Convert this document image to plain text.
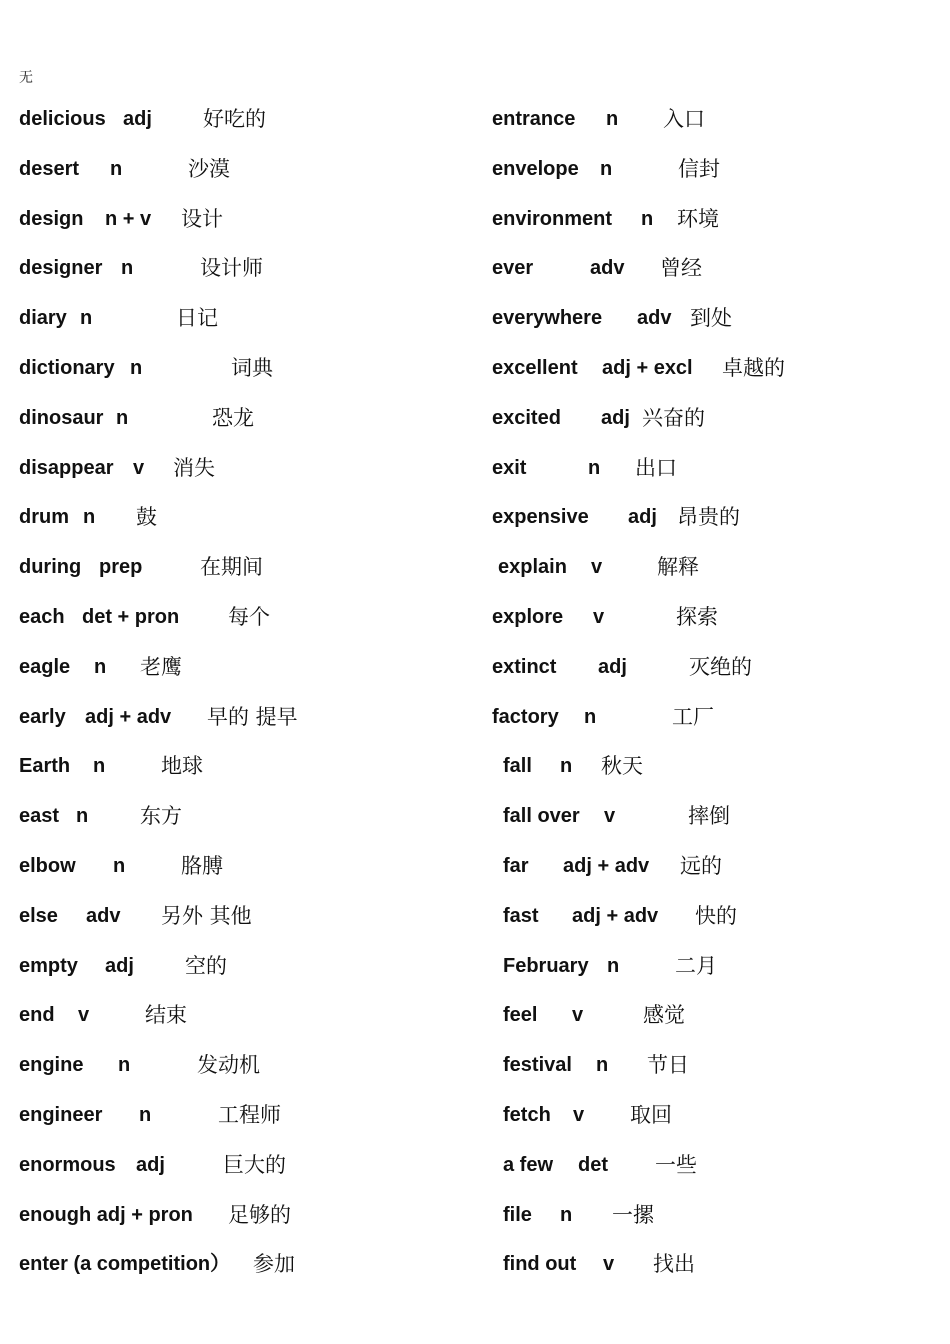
无
delicious adj 好吃的
desert n	沙漠
design n + v 设计
designer n	设计师
diary n	日记
dictionary n	词典
dinosaur n	恐龙
disappear v 消失
drum n 鼓
during prep	在期间
each det + pron 每个
eagle n 老鹰
early adj + adv 早的 提早
Earth n	地球
east n 东方
elbow n	胳膊
else adv 另外 其他
empty adj 空的
end v	结束
engine n	发动机
engineer n	工程师
enormous adj	巨大的
enough adj + pron 足够的
enter (a competition） 参加
entrance n 入口
envelope n	信封
environment n 环境
ever	adv 曾经
everywhere adv 到处
excellent adj + excl 卓越的
excited adj 兴奋的
exit	n 出口
expensive adj 昂贵的
explain v	解释
explore v	探索
extinct adj	灭绝的
factory n	工厂
fall n 秋天
fall over v	摔倒
far adj + adv 远的
fast adj + adv 快的
February n	二月
feel v	感觉
festival n 节日
fetch v 取回
a few det 一些
file n 一摞
find out v 找出
